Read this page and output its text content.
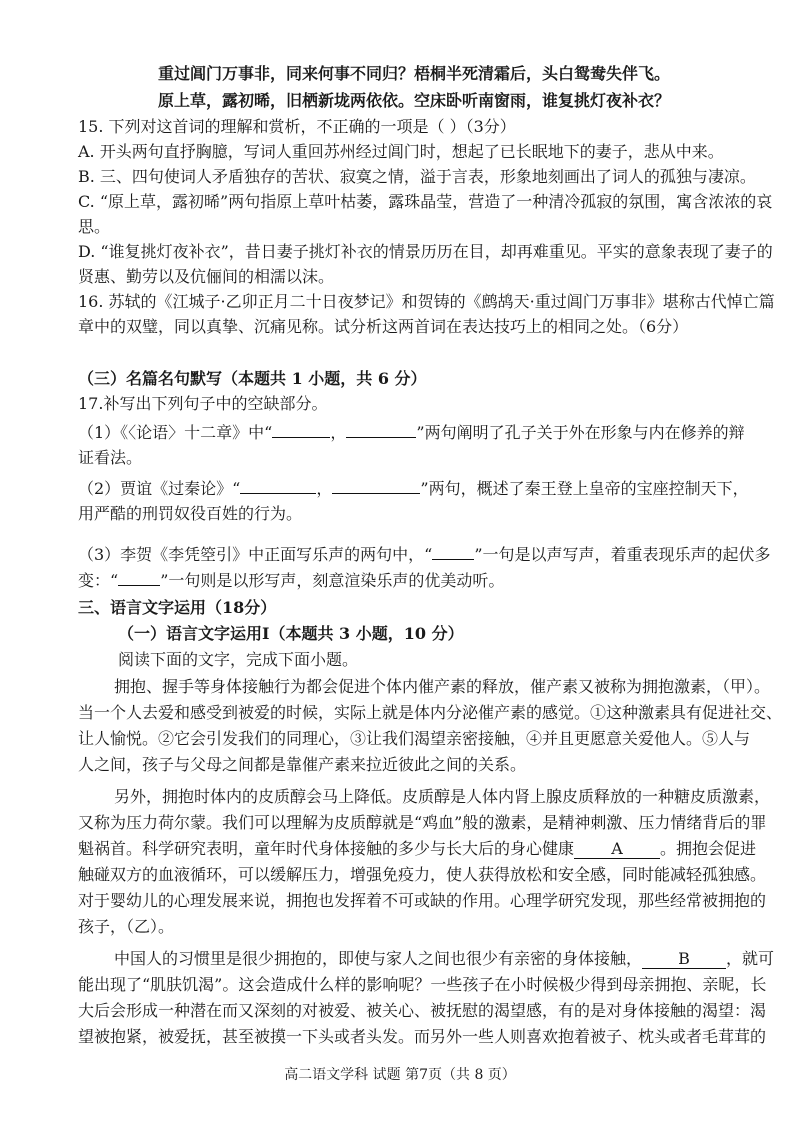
重过阊门万事非，同来何事不同归？梧桐半死清霜后，头白鸳鸯失伴飞。
原上草，露初晞，旧栖新垅两依依。空床卧听南窗雨，谁复挑灯夜补衣？
15. 下列对这首词的理解和赏析，不正确的一项是（ ）（3分）
A. 开头两句直抒胸臆，写词人重回苏州经过阊门时，想起了已长眠地下的妻子，悲从中来。
B. 三、四句使词人矛盾独存的苦状、寂寞之情，溢于言表，形象地刻画出了词人的孤独与凄凉。
C. “原上草，露初晞”两句指原上草叶枯萎，露珠晶莹，营造了一种清冷孤寂的氛围，寓含浓浓的哀
思。
D. “谁复挑灯夜补衣”，昔日妻子挑灯补衣的情景历历在目，却再难重见。平实的意象表现了妻子的
贤惠、勤劳以及伉俪间的相濡以沫。
16. 苏轼的《江城子·乙卯正月二十日夜梦记》和贺铸的《鹧鸪天·重过阊门万事非》堪称古代悼亡篇
章中的双璧，同以真挚、沉痛见称。试分析这两首词在表达技巧上的相同之处。（6分）
（三）名篇名句默写（本题共 1 小题，共 6 分）
17.补写出下列句子中的空缺部分。
（1）《〈论语〉十二章》中“	，	”两句阐明了孔子关于外在形象与内在修养的辩
证看法。
（2）贾谊《过秦论》“	，	”两句，概述了秦王登上皇帝的宝座控制天下，
用严酷的刑罚奴役百姓的行为。
（3）李贺《李凭箜引》中正面写乐声的两句中，“	”一句是以声写声，着重表现乐声的起伏多
变：“	”一句则是以形写声，刻意渲染乐声的优美动听。
三、语言文字运用（18分）
（一）语言文字运用Ⅰ（本题共 3 小题，10 分）
阅读下面的文字，完成下面小题。
拥抱、握手等身体接触行为都会促进个体内催产素的释放，催产素又被称为拥抱激素，（甲）。
当一个人去爱和感受到被爱的时候，实际上就是体内分泌催产素的感觉。①这种激素具有促进社交、
让人愉悦。②它会引发我们的同理心，③让我们渴望亲密接触，④并且更愿意关爱他人。⑤人与
人之间，孩子与父母之间都是靠催产素来拉近彼此之间的关系。
另外，拥抱时体内的皮质醇会马上降低。皮质醇是人体内肾上腺皮质释放的一种糖皮质激素，
又称为压力荷尔蒙。我们可以理解为皮质醇就是“鸡血”般的激素，是精神刺激、压力情绪背后的罪
魁祸首。科学研究表明，童年时代身体接触的多少与长大后的身心健康 A 。拥抱会促进
触碰双方的血液循环，可以缓解压力，增强免疫力，使人获得放松和安全感，同时能减轻孤独感。
对于婴幼儿的心理发展来说，拥抱也发挥着不可或缺的作用。心理学研究发现，那些经常被拥抱的
孩子，（乙）。
中国人的习惯里是很少拥抱的，即使与家人之间也很少有亲密的身体接触， B ，就可
能出现了“肌肤饥渴”。这会造成什么样的影响呢？一些孩子在小时候极少得到母亲拥抱、亲昵，长
大后会形成一种潜在而又深刻的对被爱、被关心、被抚慰的渴望感，有的是对身体接触的渴望：渴
望被抱紧，被爱抚，甚至被摸一下头或者头发。而另外一些人则喜欢抱着被子、枕头或者毛茸茸的
高二语文学科 试题 第7页（共 8 页）
